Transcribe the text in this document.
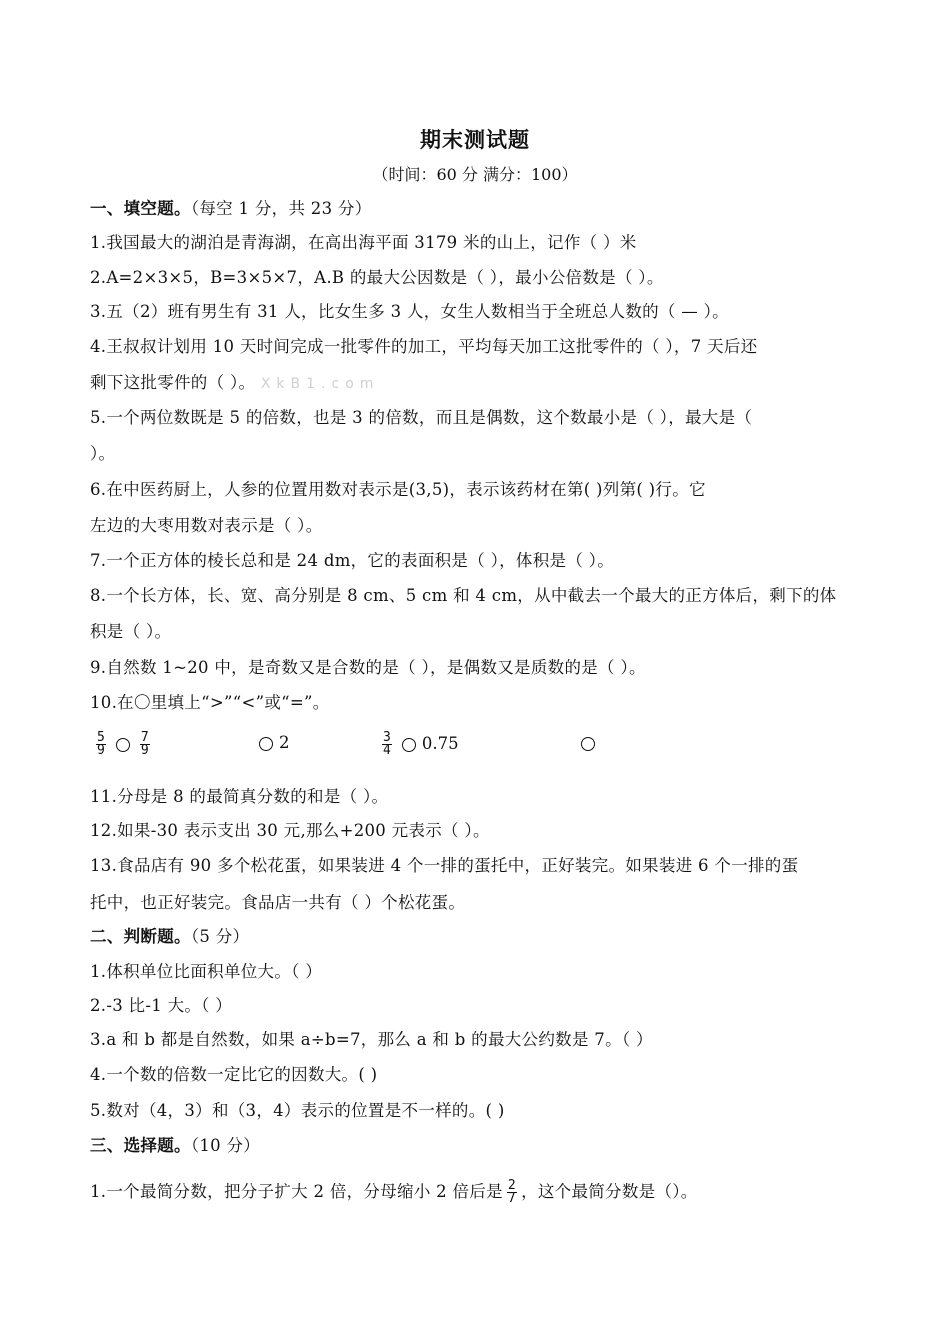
期末测试题
（时间：60 分 满分：100）
一、填空题。（每空 1 分，共 23 分）
1.我国最大的湖泊是青海湖，在高出海平面 3179 米的山上，记作（ ）米
2.A=2×3×5，B=3×5×7，A.B 的最大公因数是（ ），最小公倍数是（ ）。
3.五（2）班有男生有 31 人，比女生多 3 人，女生人数相当于全班总人数的（ — ）。
4.王叔叔计划用 10 天时间完成一批零件的加工，平均每天加工这批零件的（ ），7 天后还
剩下这批零件的（ ）。 XkB1.com
5.一个两位数既是 5 的倍数，也是 3 的倍数，而且是偶数，这个数最小是（ ），最大是（
）。
6.在中医药厨上，人参的位置用数对表示是(3,5)，表示该药材在第( )列第( )行。它
左边的大枣用数对表示是（ ）。
7.一个正方体的棱长总和是 24 dm，它的表面积是（ ），体积是（ ）。
8.一个长方体，长、宽、高分别是 8 cm、5 cm 和 4 cm，从中截去一个最大的正方体后，剩下的体
积是（ ）。
9.自然数 1~20 中，是奇数又是合数的是（ ），是偶数又是质数的是（ ）。
10.在〇里填上“>”“<”或“=”。
$\frac{5}{9}$	$\frac{7}{9}$	2	$\frac{3}{4} 0.75$
11.分母是 8 的最简真分数的和是（ ）。
12.如果-30 表示支出 30 元,那么+200 元表示（ ）。
13.食品店有 90 多个松花蛋，如果装进 4 个一排的蛋托中，正好装完。如果装进 6 个一排的蛋
托中，也正好装完。食品店一共有（ ）个松花蛋。
二、判断题。（5 分）
1.体积单位比面积单位大。（ ）
2.-3 比-1 大。（ ）
3.a 和 b 都是自然数，如果 a÷b=7，那么 a 和 b 的最大公约数是 7。（ ）
4.一个数的倍数一定比它的因数大。( )
5.数对（4，3）和（3，4）表示的位置是不一样的。( )
三、选择题。（10 分）
1.一个最简分数，把分子扩大 2 倍，分母缩小 2 倍后是 $\frac{2}{7}$ ，这个最简分数是（）。
